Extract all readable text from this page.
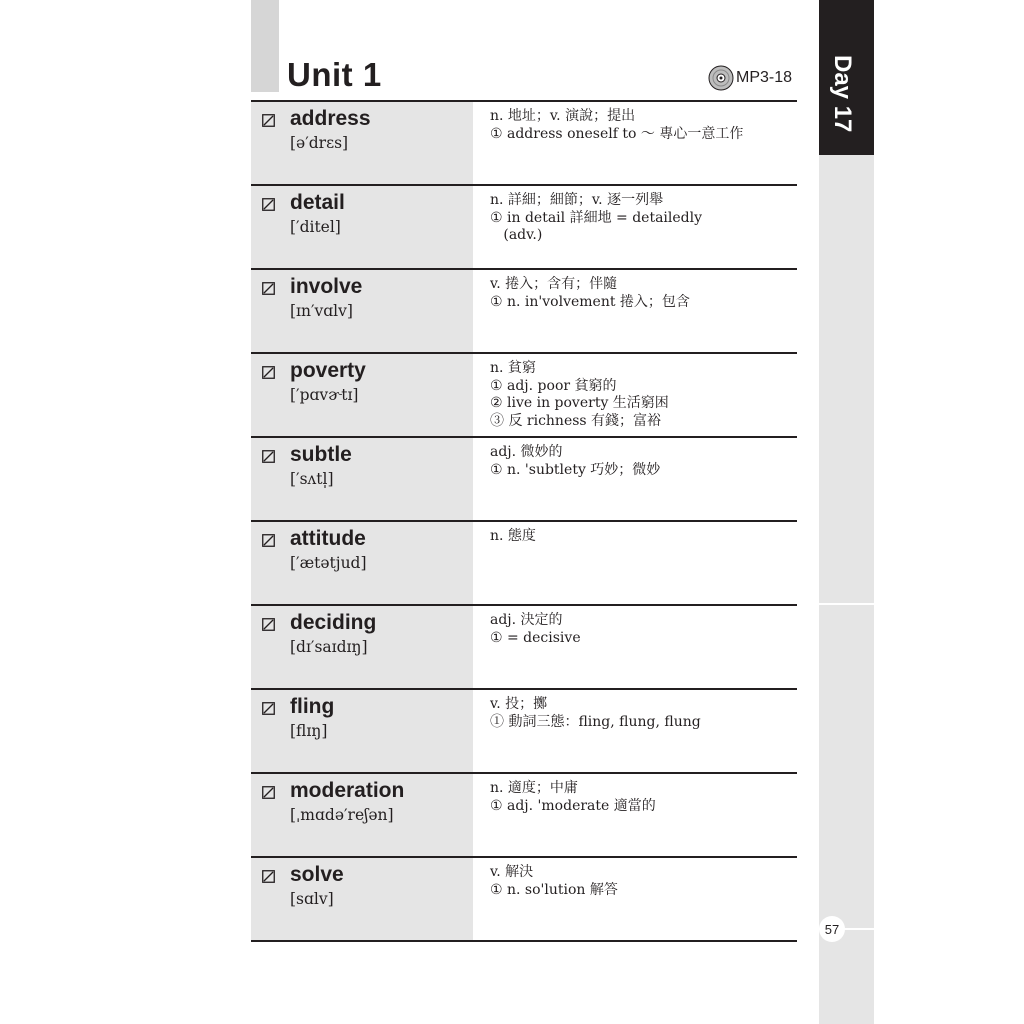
Unit 1	MP3-18
address
[ə′drɛs]

n. 地址；v. 演說；提出

① address oneself to ～ 專心一意工作

detail
[′ditel]

n. 詳細；細節；v. 逐一列舉

① in detail 詳細地 = detailedly

(adv.)

involve
[ɪn′vɑlv]

v. 捲入；含有；伴隨

① n. in'volvement 捲入；包含

poverty
[′pɑvɚtɪ]

n. 貧窮

① adj. poor 貧窮的

② live in poverty 生活窮困

③ 反 richness 有錢；富裕

subtle
[′sʌtl̩]

adj. 微妙的

① n. 'subtlety 巧妙；微妙

attitude
[′ætətjud]

n. 態度

deciding
[dɪ′saɪdɪŋ]

adj. 決定的

① = decisive

fling
[flɪŋ]

v. 投；擲

① 動詞三態：fling, flung, flung

moderation
[ˌmɑdə′reʃən]

n. 適度；中庸

① adj. 'moderate 適當的

solve
[sɑlv]

v. 解決

① n. so'lution 解答

Day 17
57
